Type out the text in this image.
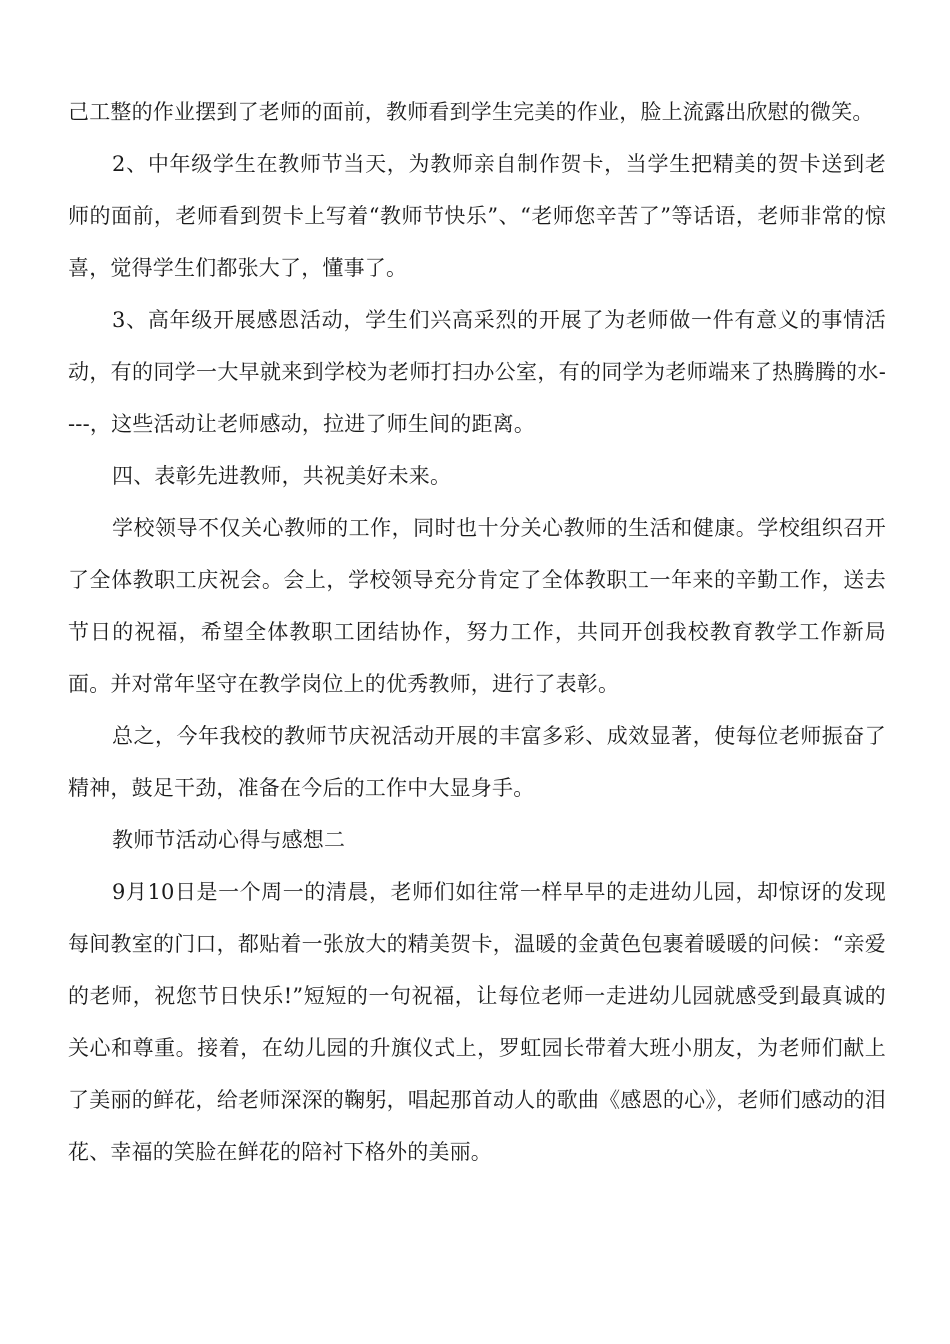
己工整的作业摆到了老师的面前，教师看到学生完美的作业，脸上流露出欣慰的微笑。

2、中年级学生在教师节当天，为教师亲自制作贺卡，当学生把精美的贺卡送到老师的面前，老师看到贺卡上写着“教师节快乐”、“老师您辛苦了”等话语，老师非常的惊喜，觉得学生们都张大了，懂事了。

3、高年级开展感恩活动，学生们兴高采烈的开展了为老师做一件有意义的事情活动，有的同学一大早就来到学校为老师打扫办公室，有的同学为老师端来了热腾腾的水----，这些活动让老师感动，拉进了师生间的距离。

四、表彰先进教师，共祝美好未来。

学校领导不仅关心教师的工作，同时也十分关心教师的生活和健康。学校组织召开了全体教职工庆祝会。会上，学校领导充分肯定了全体教职工一年来的辛勤工作，送去节日的祝福，希望全体教职工团结协作，努力工作，共同开创我校教育教学工作新局面。并对常年坚守在教学岗位上的优秀教师，进行了表彰。

总之，今年我校的教师节庆祝活动开展的丰富多彩、成效显著，使每位老师振奋了精神，鼓足干劲，准备在今后的工作中大显身手。

教师节活动心得与感想二

9月10日是一个周一的清晨，老师们如往常一样早早的走进幼儿园，却惊讶的发现每间教室的门口，都贴着一张放大的精美贺卡，温暖的金黄色包裹着暖暖的问候：“亲爱的老师，祝您节日快乐!”短短的一句祝福，让每位老师一走进幼儿园就感受到最真诚的关心和尊重。接着，在幼儿园的升旗仪式上，罗虹园长带着大班小朋友，为老师们献上了美丽的鲜花，给老师深深的鞠躬，唱起那首动人的歌曲《感恩的心》，老师们感动的泪花、幸福的笑脸在鲜花的陪衬下格外的美丽。
